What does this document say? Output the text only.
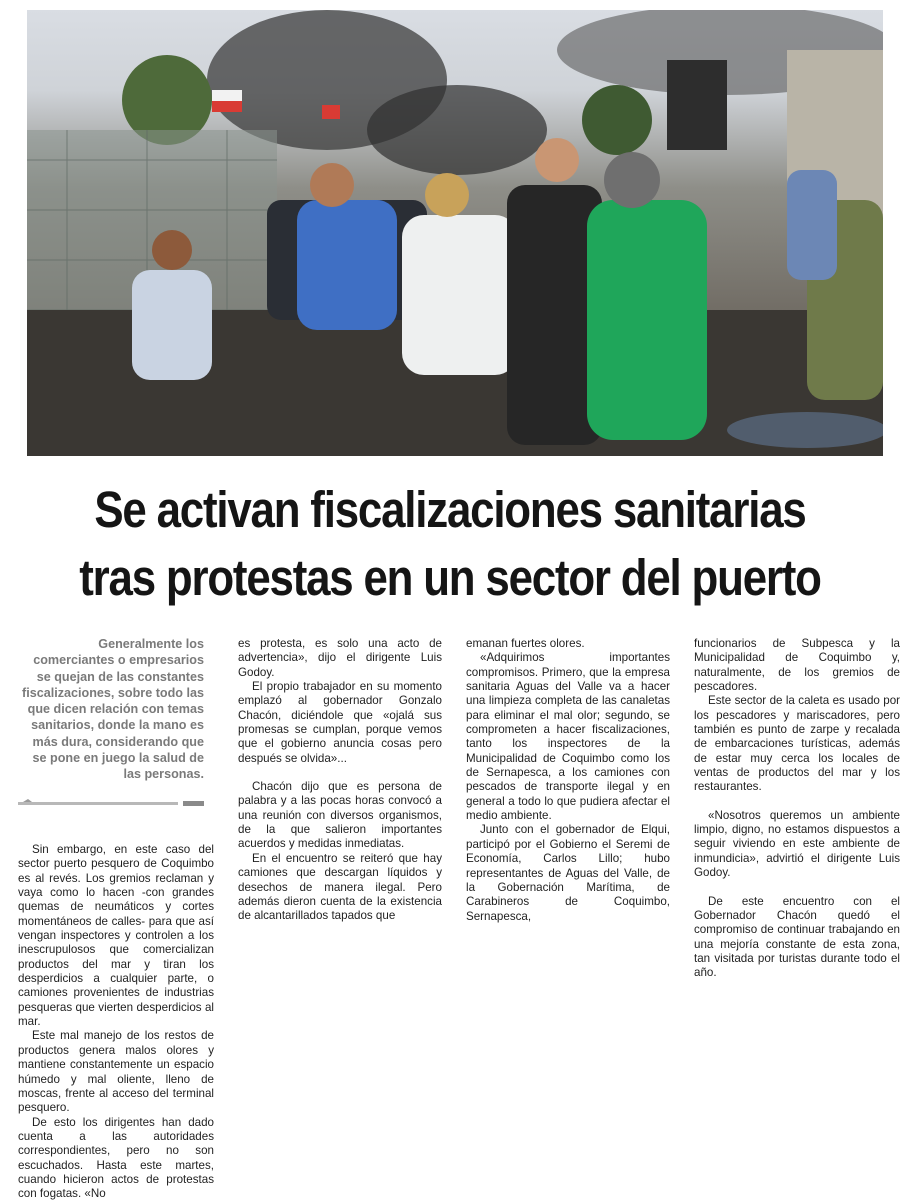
Se activan fiscalizaciones sanitarias
tras protestas en un sector del puerto

Generalmente los comerciantes o empresarios se quejan de las constantes fiscalizaciones, sobre todo las que dicen relación con temas sanitarios, donde la mano es más dura, considerando que se pone en juego la salud de las personas.

Sin embargo, en este caso del sector puerto pesquero de Coquimbo es al revés. Los gremios reclaman y vaya como lo hacen -con grandes quemas de neumáticos y cortes momentáneos de calles- para que así vengan inspectores y controlen a los inescrupulosos que comercializan productos del mar y tiran los desperdicios a cualquier parte, o camiones provenientes de industrias pesqueras que vierten desperdicios al mar.

Este mal manejo de los restos de productos genera malos olores y mantiene constantemente un espacio húmedo y mal oliente, lleno de moscas, frente al acceso del terminal pesquero.

De esto los dirigentes han dado cuenta a las autoridades correspondientes, pero no son escuchados. Hasta este martes, cuando hicieron actos de protestas con fogatas. «No

es protesta, es solo una acto de advertencia», dijo el dirigente Luis Godoy.

El propio trabajador en su momento emplazó al gobernador Gonzalo Chacón, diciéndole que «ojalá sus promesas se cumplan, porque vemos que el gobierno anuncia cosas pero después se olvida»...

Chacón dijo que es persona de palabra y a las pocas horas convocó a una reunión con diversos organismos, de la que salieron importantes acuerdos y medidas inmediatas.

En el encuentro se reiteró que hay camiones que descargan líquidos y desechos de manera ilegal. Pero además dieron cuenta de la existencia de alcantarillados tapados que

emanan fuertes olores.

«Adquirimos importantes compromisos. Primero, que la empresa sanitaria Aguas del Valle va a hacer una limpieza completa de las canaletas para eliminar el mal olor; segundo, se comprometen a hacer fiscalizaciones, tanto los inspectores de la Municipalidad de Coquimbo como los de Sernapesca, a los camiones con pescados de transporte ilegal y en general a todo lo que pudiera afectar el medio ambiente.

Junto con el gobernador de Elqui, participó por el Gobierno el Seremi de Economía, Carlos Lillo; hubo representantes de Aguas del Valle, de la Gobernación Marítima, de Carabineros de Coquimbo, Sernapesca,

funcionarios de Subpesca y la Municipalidad de Coquimbo y, naturalmente, de los gremios de pescadores.

Este sector de la caleta es usado por los pescadores y mariscadores, pero también es punto de zarpe y recalada de embarcaciones turísticas, además de estar muy cerca los locales de ventas de productos del mar y los restaurantes.

«Nosotros queremos un ambiente limpio, digno, no estamos dispuestos a seguir viviendo en este ambiente de inmundicia», advirtió el dirigente Luis Godoy.

De este encuentro con el Gobernador Chacón quedó el compromiso de continuar trabajando en una mejoría constante de esta zona, tan visitada por turistas durante todo el año.
